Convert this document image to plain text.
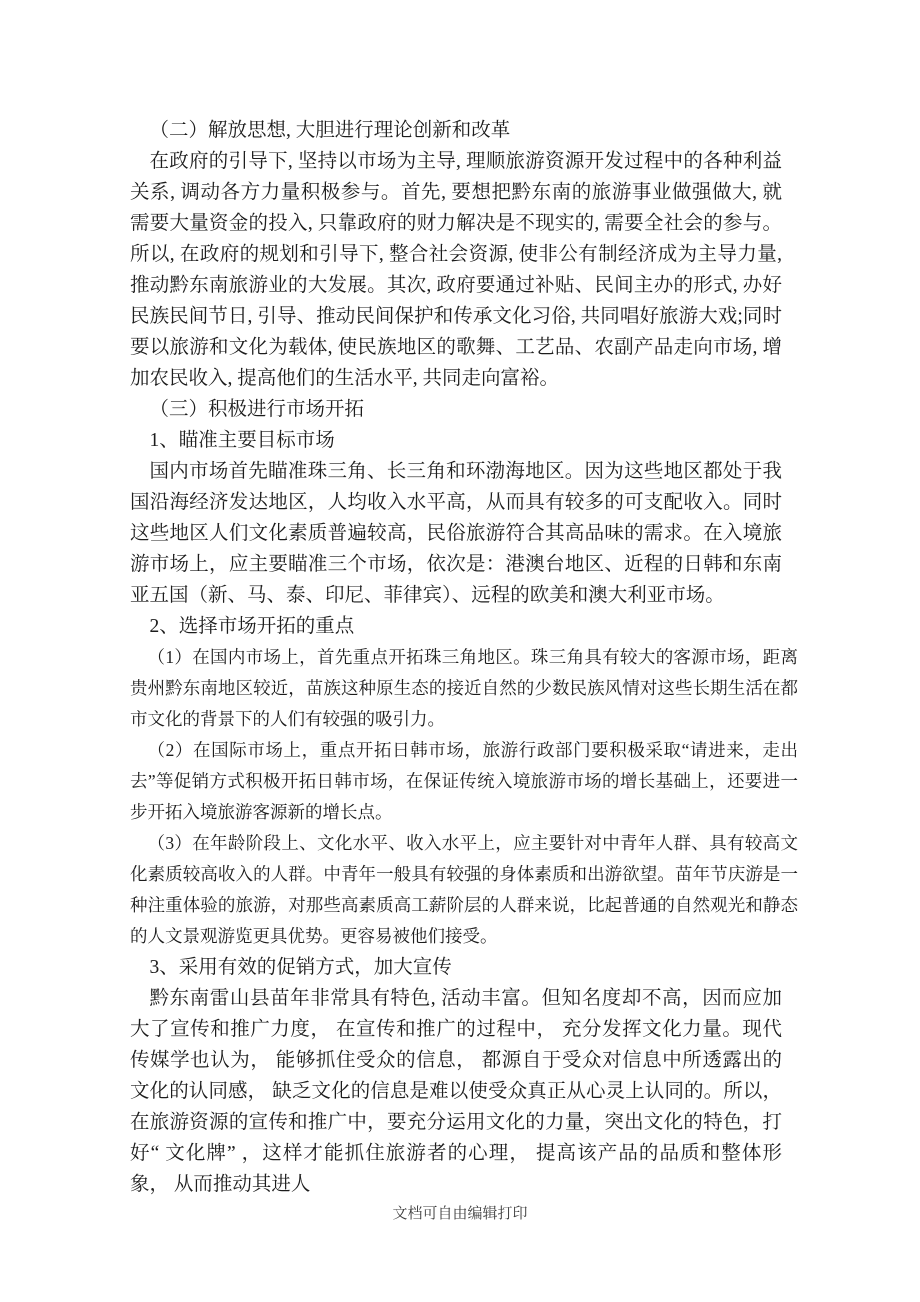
（二）解放思想, 大胆进行理论创新和改革

在政府的引导下, 坚持以市场为主导, 理顺旅游资源开发过程中的各种利益关系, 调动各方力量积极参与。首先, 要想把黔东南的旅游事业做强做大, 就需要大量资金的投入, 只靠政府的财力解决是不现实的, 需要全社会的参与。所以, 在政府的规划和引导下, 整合社会资源, 使非公有制经济成为主导力量, 推动黔东南旅游业的大发展。其次, 政府要通过补贴、民间主办的形式, 办好民族民间节日, 引导、推动民间保护和传承文化习俗, 共同唱好旅游大戏;同时要以旅游和文化为载体, 使民族地区的歌舞、工艺品、农副产品走向市场, 增加农民收入, 提高他们的生活水平, 共同走向富裕。

（三）积极进行市场开拓

1、瞄准主要目标市场

国内市场首先瞄准珠三角、长三角和环渤海地区。因为这些地区都处于我国沿海经济发达地区，人均收入水平高，从而具有较多的可支配收入。同时这些地区人们文化素质普遍较高，民俗旅游符合其高品味的需求。在入境旅游市场上，应主要瞄准三个市场，依次是：港澳台地区、近程的日韩和东南亚五国（新、马、泰、印尼、菲律宾）、远程的欧美和澳大利亚市场。

2、选择市场开拓的重点

（1）在国内市场上，首先重点开拓珠三角地区。珠三角具有较大的客源市场，距离贵州黔东南地区较近，苗族这种原生态的接近自然的少数民族风情对这些长期生活在都市文化的背景下的人们有较强的吸引力。

（2）在国际市场上，重点开拓日韩市场，旅游行政部门要积极采取“请进来，走出去”等促销方式积极开拓日韩市场，在保证传统入境旅游市场的增长基础上，还要进一步开拓入境旅游客源新的增长点。

（3）在年龄阶段上、文化水平、收入水平上，应主要针对中青年人群、具有较高文化素质较高收入的人群。中青年一般具有较强的身体素质和出游欲望。苗年节庆游是一种注重体验的旅游，对那些高素质高工薪阶层的人群来说，比起普通的自然观光和静态的人文景观游览更具优势。更容易被他们接受。

3、采用有效的促销方式，加大宣传

黔东南雷山县苗年非常具有特色, 活动丰富。但知名度却不高，因而应加大了宣传和推广力度， 在宣传和推广的过程中， 充分发挥文化力量。现代传媒学也认为， 能够抓住受众的信息， 都源自于受众对信息中所透露出的文化的认同感， 缺乏文化的信息是难以使受众真正从心灵上认同的。所以， 在旅游资源的宣传和推广中，要充分运用文化的力量，突出文化的特色，打好“ 文化牌” ，这样才能抓住旅游者的心理， 提高该产品的品质和整体形象， 从而推动其进人

文档可自由编辑打印
